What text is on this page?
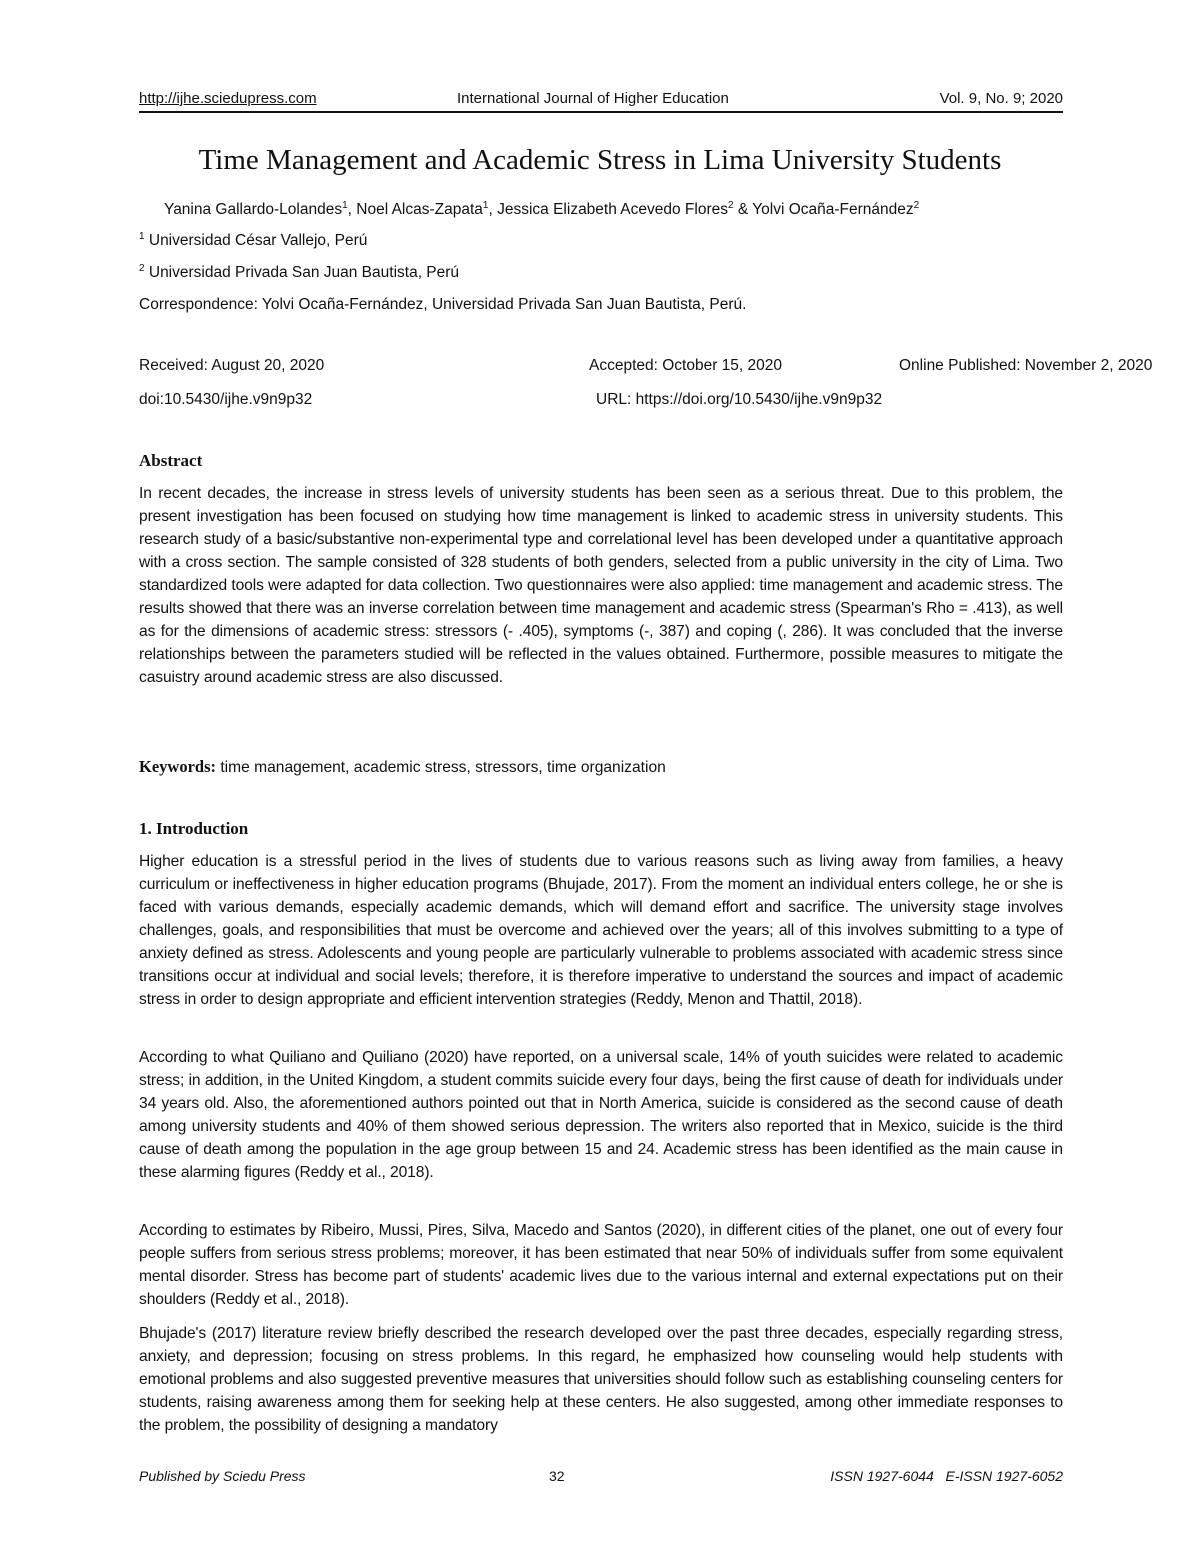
http://ijhe.sciedupress.com	International Journal of Higher Education	Vol. 9, No. 9; 2020
Time Management and Academic Stress in Lima University Students
Yanina Gallardo-Lolandes$^1$, Noel Alcas-Zapata$^1$, Jessica Elizabeth Acevedo Flores$^2$ & Yolvi Ocaña-Fernández$^2$
$^1$ Universidad César Vallejo, Perú
$^2$ Universidad Privada San Juan Bautista, Perú
Correspondence: Yolvi Ocaña-Fernández, Universidad Privada San Juan Bautista, Perú.
Received: August 20, 2020	Accepted: October 15, 2020	Online Published: November 2, 2020
doi:10.5430/ijhe.v9n9p32	URL: https://doi.org/10.5430/ijhe.v9n9p32
Abstract

In recent decades, the increase in stress levels of university students has been seen as a serious threat. Due to this problem, the present investigation has been focused on studying how time management is linked to academic stress in university students. This research study of a basic/substantive non-experimental type and correlational level has been developed under a quantitative approach with a cross section. The sample consisted of 328 students of both genders, selected from a public university in the city of Lima. Two standardized tools were adapted for data collection. Two questionnaires were also applied: time management and academic stress. The results showed that there was an inverse correlation between time management and academic stress (Spearman's Rho = .413), as well as for the dimensions of academic stress: stressors (- .405), symptoms (-, 387) and coping (, 286). It was concluded that the inverse relationships between the parameters studied will be reflected in the values obtained. Furthermore, possible measures to mitigate the casuistry around academic stress are also discussed.

Keywords: time management, academic stress, stressors, time organization
1. Introduction

Higher education is a stressful period in the lives of students due to various reasons such as living away from families, a heavy curriculum or ineffectiveness in higher education programs (Bhujade, 2017). From the moment an individual enters college, he or she is faced with various demands, especially academic demands, which will demand effort and sacrifice. The university stage involves challenges, goals, and responsibilities that must be overcome and achieved over the years; all of this involves submitting to a type of anxiety defined as stress. Adolescents and young people are particularly vulnerable to problems associated with academic stress since transitions occur at individual and social levels; therefore, it is therefore imperative to understand the sources and impact of academic stress in order to design appropriate and efficient intervention strategies (Reddy, Menon and Thattil, 2018).

According to what Quiliano and Quiliano (2020) have reported, on a universal scale, 14% of youth suicides were related to academic stress; in addition, in the United Kingdom, a student commits suicide every four days, being the first cause of death for individuals under 34 years old. Also, the aforementioned authors pointed out that in North America, suicide is considered as the second cause of death among university students and 40% of them showed serious depression. The writers also reported that in Mexico, suicide is the third cause of death among the population in the age group between 15 and 24. Academic stress has been identified as the main cause in these alarming figures (Reddy et al., 2018).

According to estimates by Ribeiro, Mussi, Pires, Silva, Macedo and Santos (2020), in different cities of the planet, one out of every four people suffers from serious stress problems; moreover, it has been estimated that near 50% of individuals suffer from some equivalent mental disorder. Stress has become part of students' academic lives due to the various internal and external expectations put on their shoulders (Reddy et al., 2018).

Bhujade's (2017) literature review briefly described the research developed over the past three decades, especially regarding stress, anxiety, and depression; focusing on stress problems. In this regard, he emphasized how counseling would help students with emotional problems and also suggested preventive measures that universities should follow such as establishing counseling centers for students, raising awareness among them for seeking help at these centers. He also suggested, among other immediate responses to the problem, the possibility of designing a mandatory

Published by Sciedu Press	32	ISSN 1927-6044   E-ISSN 1927-6052
